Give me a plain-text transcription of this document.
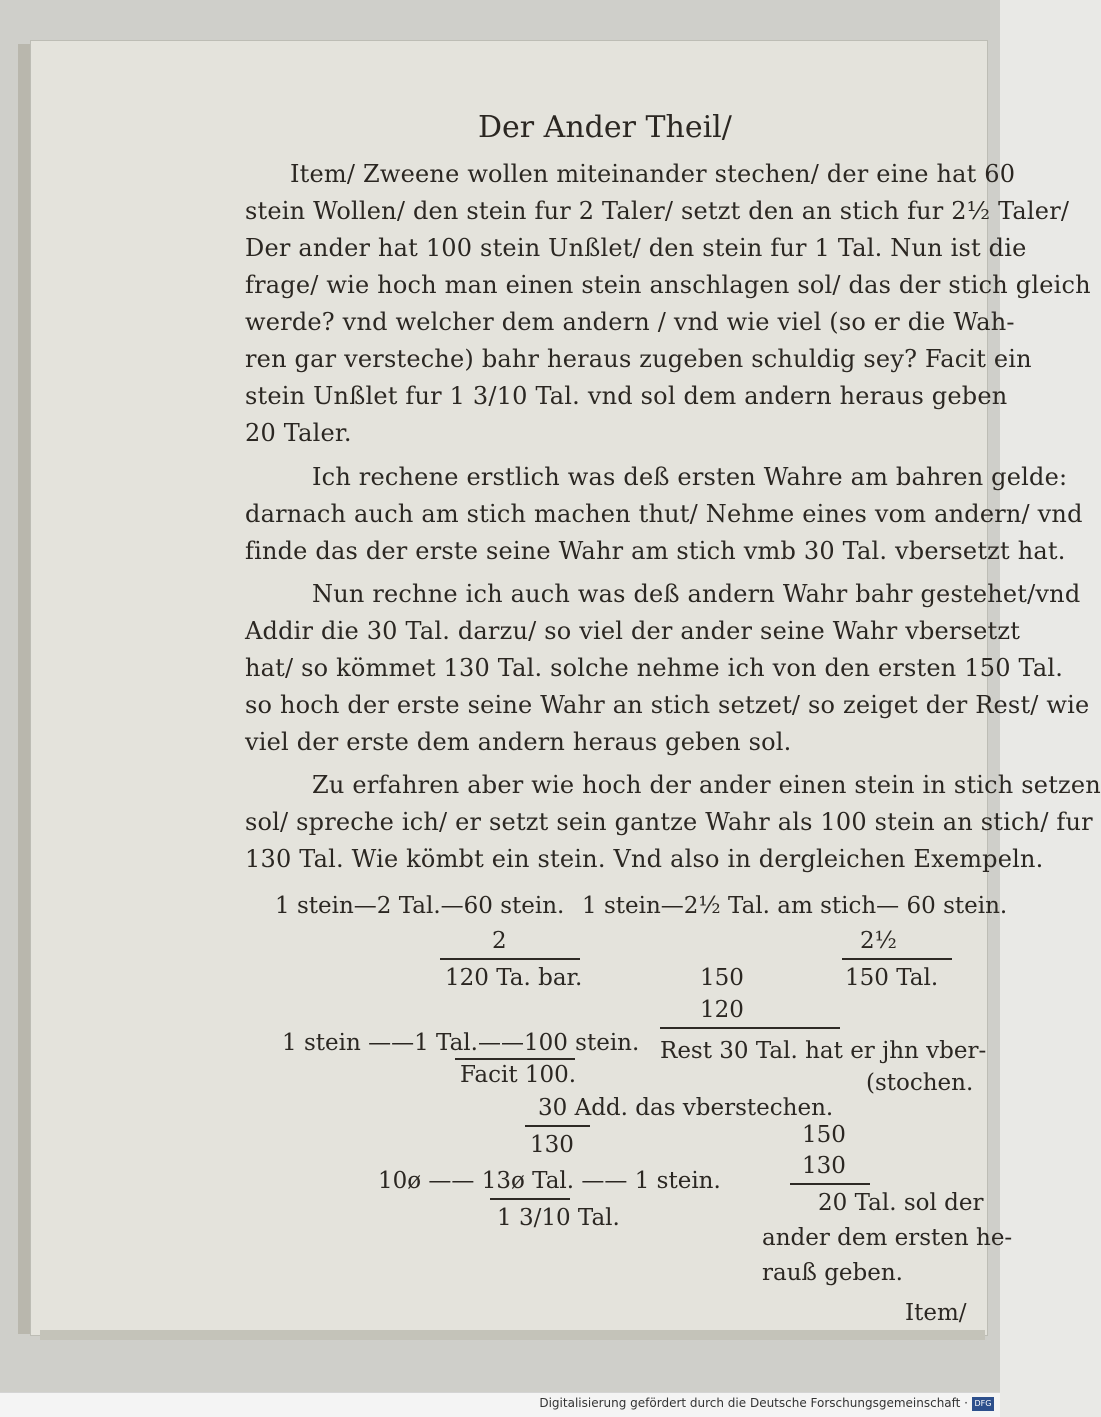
Der Ander Theil/
Item/ Zweene wollen miteinander stechen/ der eine hat 60
stein Wollen/ den stein fur 2 Taler/ setzt den an stich fur 2½ Taler/
Der ander hat 100 stein Unßlet/ den stein fur 1 Tal. Nun ist die
frage/ wie hoch man einen stein anschlagen sol/ das der stich gleich
werde? vnd welcher dem andern / vnd wie viel (so er die Wah-
ren gar versteche) bahr heraus zugeben schuldig sey? Facit ein
stein Unßlet fur 1 3/10 Tal. vnd sol dem andern heraus geben
20 Taler.
Ich rechene erstlich was deß ersten Wahre am bahren gelde:
darnach auch am stich machen thut/ Nehme eines vom andern/ vnd
finde das der erste seine Wahr am stich vmb 30 Tal. vbersetzt hat.
Nun rechne ich auch was deß andern Wahr bahr gestehet/vnd
Addir die 30 Tal. darzu/ so viel der ander seine Wahr vbersetzt
hat/ so kömmet 130 Tal. solche nehme ich von den ersten 150 Tal.
so hoch der erste seine Wahr an stich setzet/ so zeiget der Rest/ wie
viel der erste dem andern heraus geben sol.
Zu erfahren aber wie hoch der ander einen stein in stich setzen
sol/ spreche ich/ er setzt sein gantze Wahr als 100 stein an stich/ fur
130 Tal. Wie kömbt ein stein. Vnd also in dergleichen Exempeln.
1 stein—2 Tal.—60 stein. 1 stein—2½ Tal. am stich— 60 stein.
2
120 Ta. bar.
2½
150 Tal.
150
120
1 stein ——1 Tal.——100 stein.
Facit 100.
Rest 30 Tal. hat er jhn vber-
(stochen.
30 Add. das vberstechen.
130	150
130
10ø —— 13ø Tal. —— 1 stein.
1 3/10 Tal.
20 Tal. sol der
ander dem ersten he-
rauß geben.
Item/
Digitalisierung gefördert durch die Deutsche Forschungsgemeinschaft · DFG
